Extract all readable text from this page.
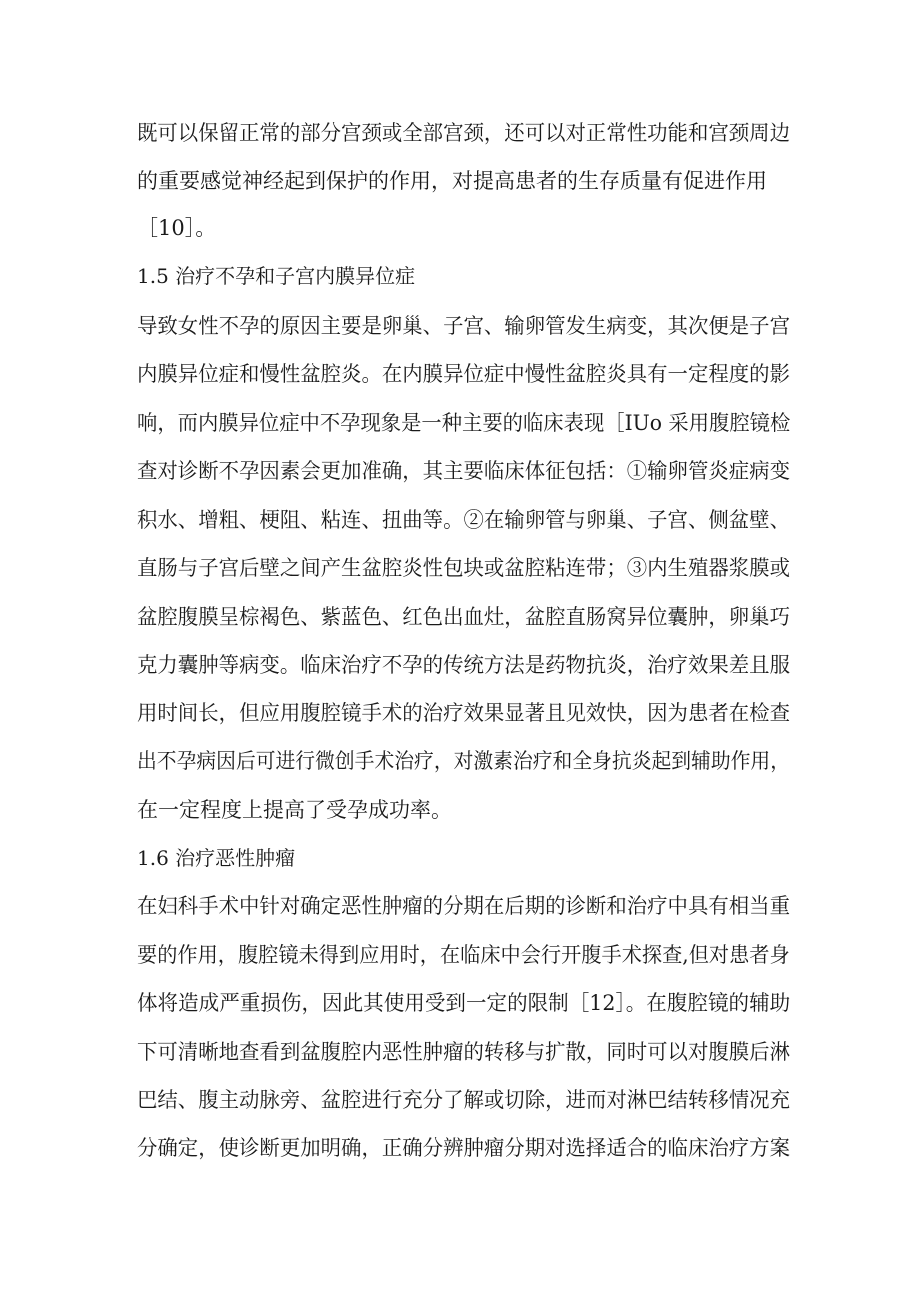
既可以保留正常的部分宫颈或全部宫颈，还可以对正常性功能和宫颈周边
的重要感觉神经起到保护的作用，对提高患者的生存质量有促进作用
［10］。
1.5 治疗不孕和子宫内膜异位症
导致女性不孕的原因主要是卵巢、子宫、输卵管发生病变，其次便是子宫
内膜异位症和慢性盆腔炎。在内膜异位症中慢性盆腔炎具有一定程度的影
响，而内膜异位症中不孕现象是一种主要的临床表现［IUo 采用腹腔镜检
查对诊断不孕因素会更加准确，其主要临床体征包括：①输卵管炎症病变
积水、增粗、梗阻、粘连、扭曲等。②在输卵管与卵巢、子宫、侧盆壁、
直肠与子宫后壁之间产生盆腔炎性包块或盆腔粘连带；③内生殖器浆膜或
盆腔腹膜呈棕褐色、紫蓝色、红色出血灶，盆腔直肠窝异位囊肿，卵巢巧
克力囊肿等病变。临床治疗不孕的传统方法是药物抗炎，治疗效果差且服
用时间长，但应用腹腔镜手术的治疗效果显著且见效快，因为患者在检查
出不孕病因后可进行微创手术治疗，对激素治疗和全身抗炎起到辅助作用，
在一定程度上提高了受孕成功率。
1.6 治疗恶性肿瘤
在妇科手术中针对确定恶性肿瘤的分期在后期的诊断和治疗中具有相当重
要的作用，腹腔镜未得到应用时，在临床中会行开腹手术探查,但对患者身
体将造成严重损伤，因此其使用受到一定的限制［12］。在腹腔镜的辅助
下可清晰地查看到盆腹腔内恶性肿瘤的转移与扩散，同时可以对腹膜后淋
巴结、腹主动脉旁、盆腔进行充分了解或切除，进而对淋巴结转移情况充
分确定，使诊断更加明确，正确分辨肿瘤分期对选择适合的临床治疗方案
